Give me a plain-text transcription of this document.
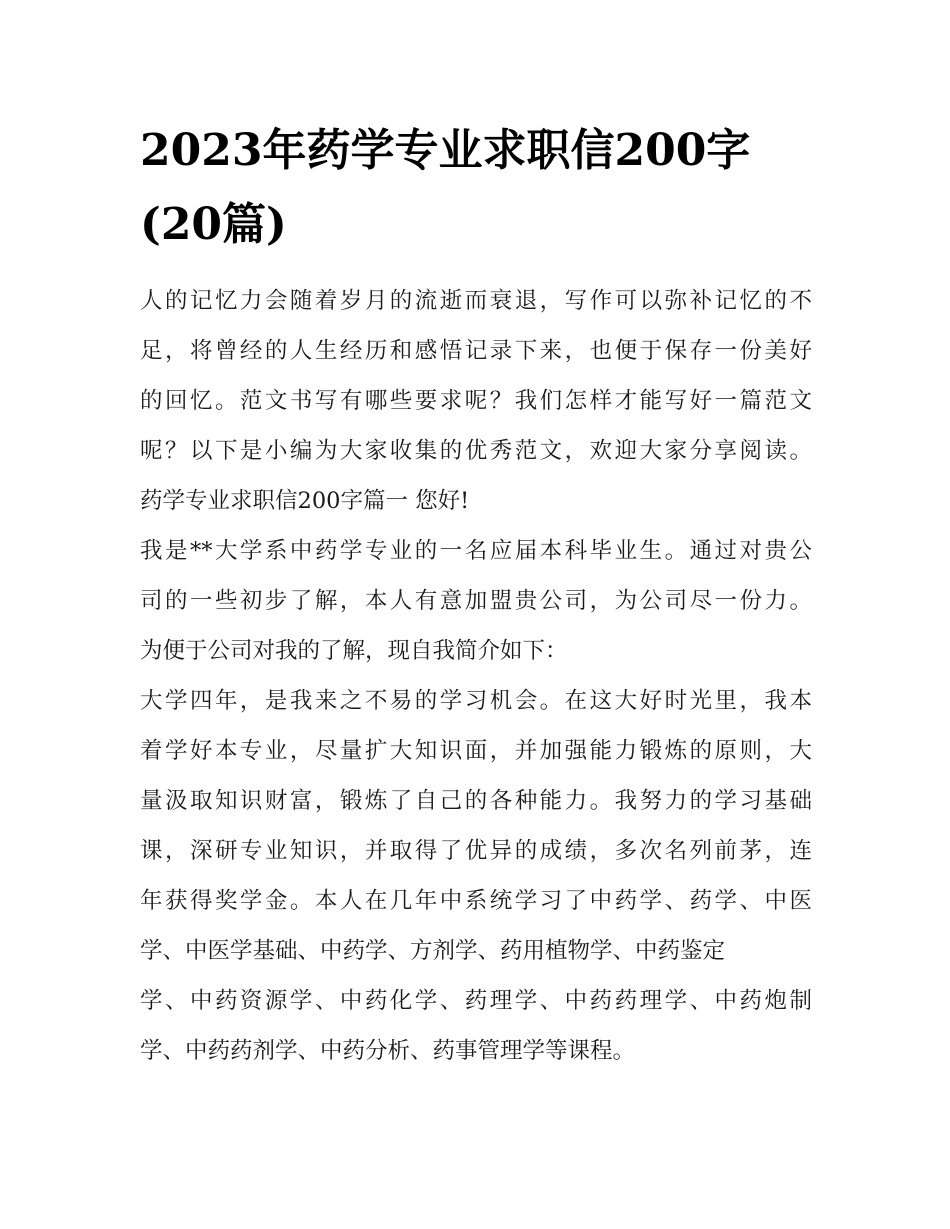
2023年药学专业求职信200字
(20篇)
人的记忆力会随着岁月的流逝而衰退，写作可以弥补记忆的不
足，将曾经的人生经历和感悟记录下来，也便于保存一份美好
的回忆。范文书写有哪些要求呢？我们怎样才能写好一篇范文
呢？以下是小编为大家收集的优秀范文，欢迎大家分享阅读。
药学专业求职信200字篇一 您好!
我是**大学系中药学专业的一名应届本科毕业生。通过对贵公
司的一些初步了解，本人有意加盟贵公司，为公司尽一份力。
为便于公司对我的了解，现自我简介如下：
大学四年，是我来之不易的学习机会。在这大好时光里，我本
着学好本专业，尽量扩大知识面，并加强能力锻炼的原则，大
量汲取知识财富，锻炼了自己的各种能力。我努力的学习基础
课，深研专业知识，并取得了优异的成绩，多次名列前茅，连
年获得奖学金。本人在几年中系统学习了中药学、药学、中医
学、中医学基础、中药学、方剂学、药用植物学、中药鉴定
学、中药资源学、中药化学、药理学、中药药理学、中药炮制
学、中药药剂学、中药分析、药事管理学等课程。
